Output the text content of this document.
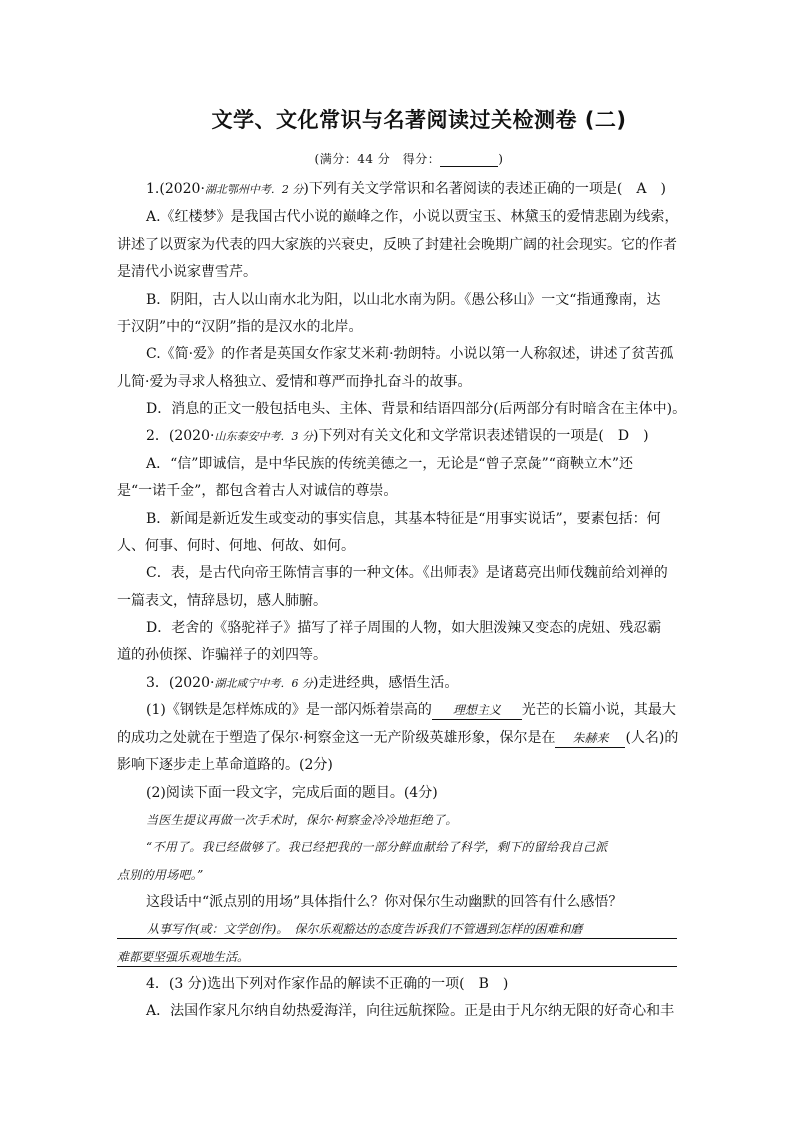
文学、文化常识与名著阅读过关检测卷 (二)
(满分：44 分　得分：	)
1.(2020·湖北鄂州中考．2 分)下列有关文学常识和名著阅读的表述正确的一项是(　A　)
A.《红楼梦》是我国古代小说的巅峰之作，小说以贾宝玉、林黛玉的爱情悲剧为线索，
讲述了以贾家为代表的四大家族的兴衰史，反映了封建社会晚期广阔的社会现实。它的作者
是清代小说家曹雪芹。
B．阴阳，古人以山南水北为阳，以山北水南为阴。《愚公移山》一文“指通豫南，达
于汉阴”中的“汉阴”指的是汉水的北岸。
C.《简·爱》的作者是英国女作家艾米莉·勃朗特。小说以第一人称叙述，讲述了贫苦孤
儿简·爱为寻求人格独立、爱情和尊严而挣扎奋斗的故事。
D．消息的正文一般包括电头、主体、背景和结语四部分(后两部分有时暗含在主体中)。
2．(2020·山东泰安中考．3 分)下列对有关文化和文学常识表述错误的一项是(　D　)
A．“信”即诚信，是中华民族的传统美德之一，无论是“曾子烹彘”“商鞅立木”还
是“一诺千金”，都包含着古人对诚信的尊崇。
B．新闻是新近发生或变动的事实信息，其基本特征是“用事实说话”，要素包括：何
人、何事、何时、何地、何故、如何。
C．表，是古代向帝王陈情言事的一种文体。《出师表》是诸葛亮出师伐魏前给刘禅的
一篇表文，情辞恳切，感人肺腑。
D．老舍的《骆驼祥子》描写了祥子周围的人物，如大胆泼辣又变态的虎妞、残忍霸
道的孙侦探、诈骗祥子的刘四等。
3．(2020·湖北咸宁中考．6 分)走进经典，感悟生活。
(1)《钢铁是怎样炼成的》是一部闪烁着崇高的 理想主义 光芒的长篇小说，其最大
的成功之处就在于塑造了保尔·柯察金这一无产阶级英雄形象，保尔是在 朱赫来 (人名)的
影响下逐步走上革命道路的。(2分)
(2)阅读下面一段文字，完成后面的题目。(4分)
当医生提议再做一次手术时，保尔·柯察金冷冷地拒绝了。
“不用了。我已经做够了。我已经把我的一部分鲜血献给了科学，剩下的留给我自己派
点别的用场吧。”
这段话中“派点别的用场”具体指什么？你对保尔生动幽默的回答有什么感悟？
从事写作(或：文学创作)。　保尔乐观豁达的态度告诉我们不管遇到怎样的困难和磨
难都要坚强乐观地生活。
4．(3 分)选出下列对作家作品的解读不正确的一项(　B　)
A．法国作家凡尔纳自幼热爱海洋，向往远航探险。正是由于凡尔纳无限的好奇心和丰
